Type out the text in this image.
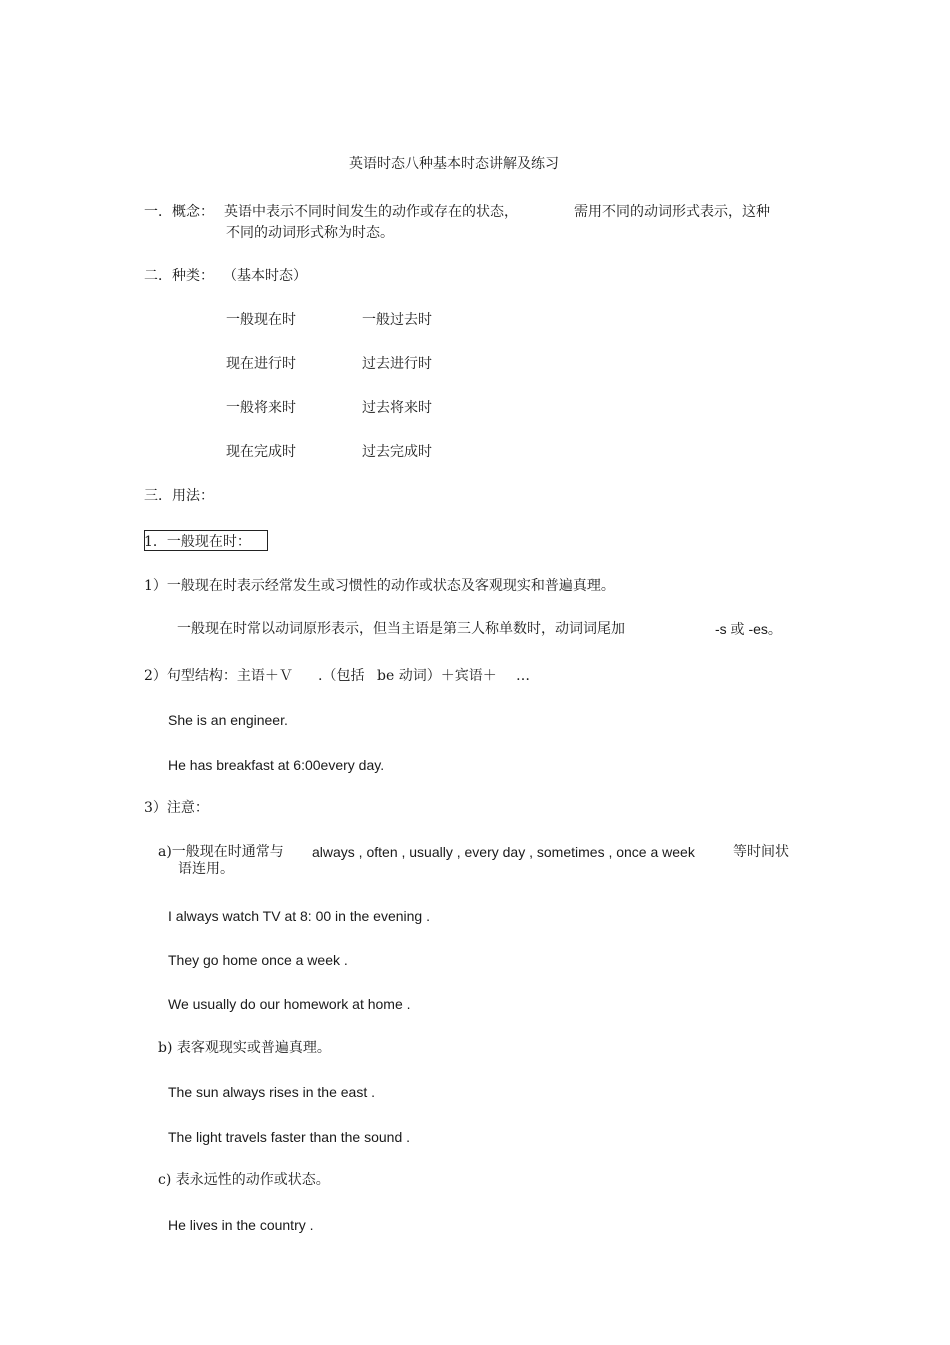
英语时态八种基本时态讲解及练习
一．概念： 英语中表示不同时间发生的动作或存在的状态，	需用不同的动词形式表示，这种
不同的动词形式称为时态。
二．种类： （基本时态）
一般现在时	一般过去时
现在进行时	过去进行时
一般将来时	过去将来时
现在完成时	过去完成时
三．用法：
1．一般现在时：
1）一般现在时表示经常发生或习惯性的动作或状态及客观现实和普遍真理。
一般现在时常以动词原形表示，但当主语是第三人称单数时，动词词尾加	-s 或 -es。
2）句型结构：主语＋Ｖ .（包括 be 动词）＋宾语＋ …
She is an engineer.
He has breakfast at 6:00every day.
3）注意：
a)一般现在时通常与 always , often , usually , every day , sometimes , once a week	等时间状
语连用。
I always watch TV at 8: 00 in the evening .
They go home once a week .
We usually do our homework at home .
b) 表客观现实或普遍真理。
The sun always rises in the east .
The light travels faster than the sound .
c) 表永远性的动作或状态。
He lives in the country .
